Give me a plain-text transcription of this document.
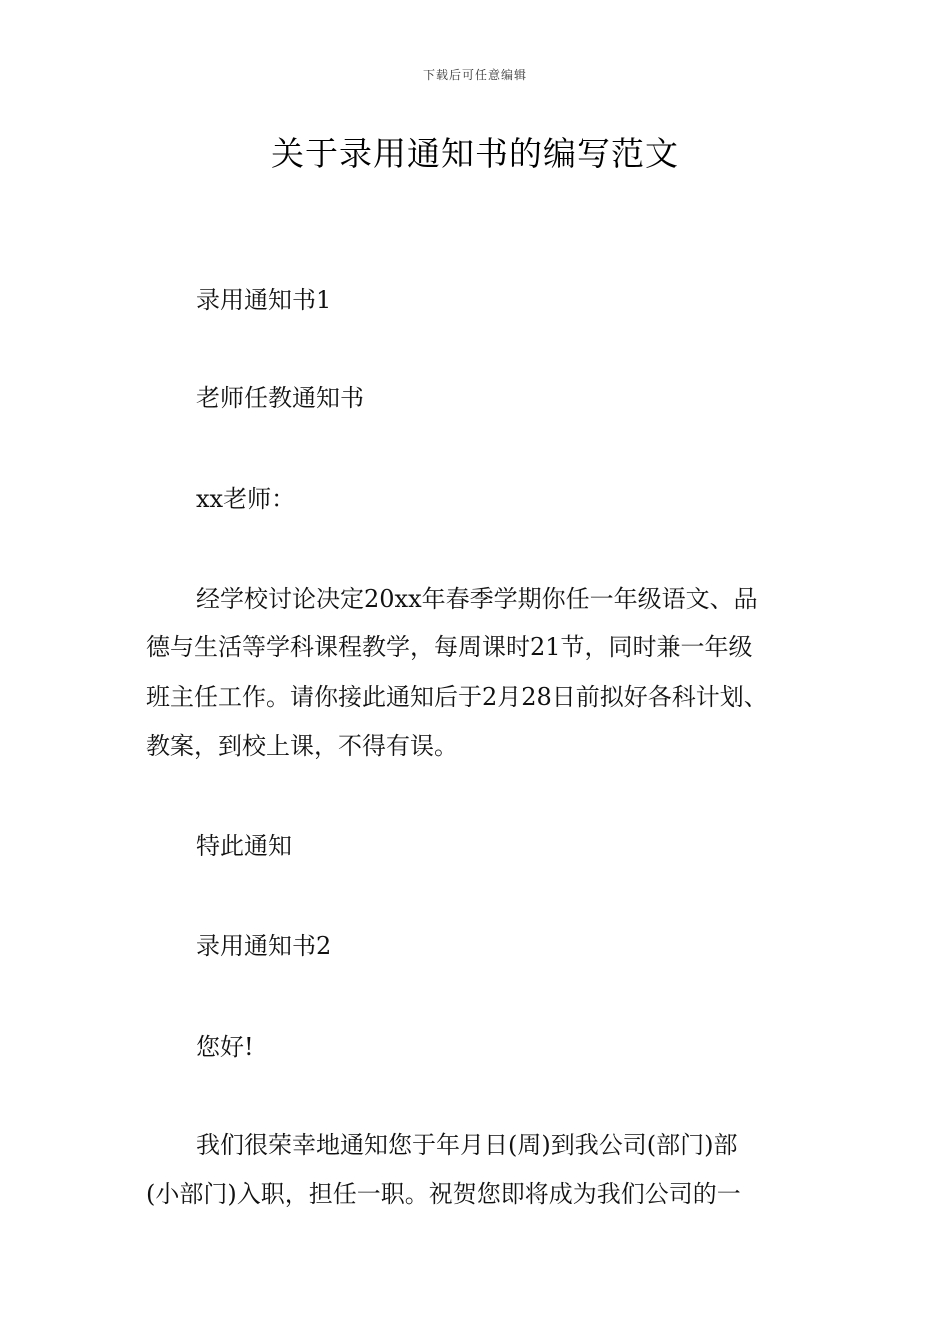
下载后可任意编辑
关于录用通知书的编写范文
录用通知书1
老师任教通知书
xx老师：
经学校讨论决定20xx年春季学期你任一年级语文、品
德与生活等学科课程教学，每周课时21节，同时兼一年级
班主任工作。请你接此通知后于2月28日前拟好各科计划、
教案，到校上课，不得有误。
特此通知
录用通知书2
您好!
我们很荣幸地通知您于年月日(周)到我公司(部门)部
(小部门)入职，担任一职。祝贺您即将成为我们公司的一
